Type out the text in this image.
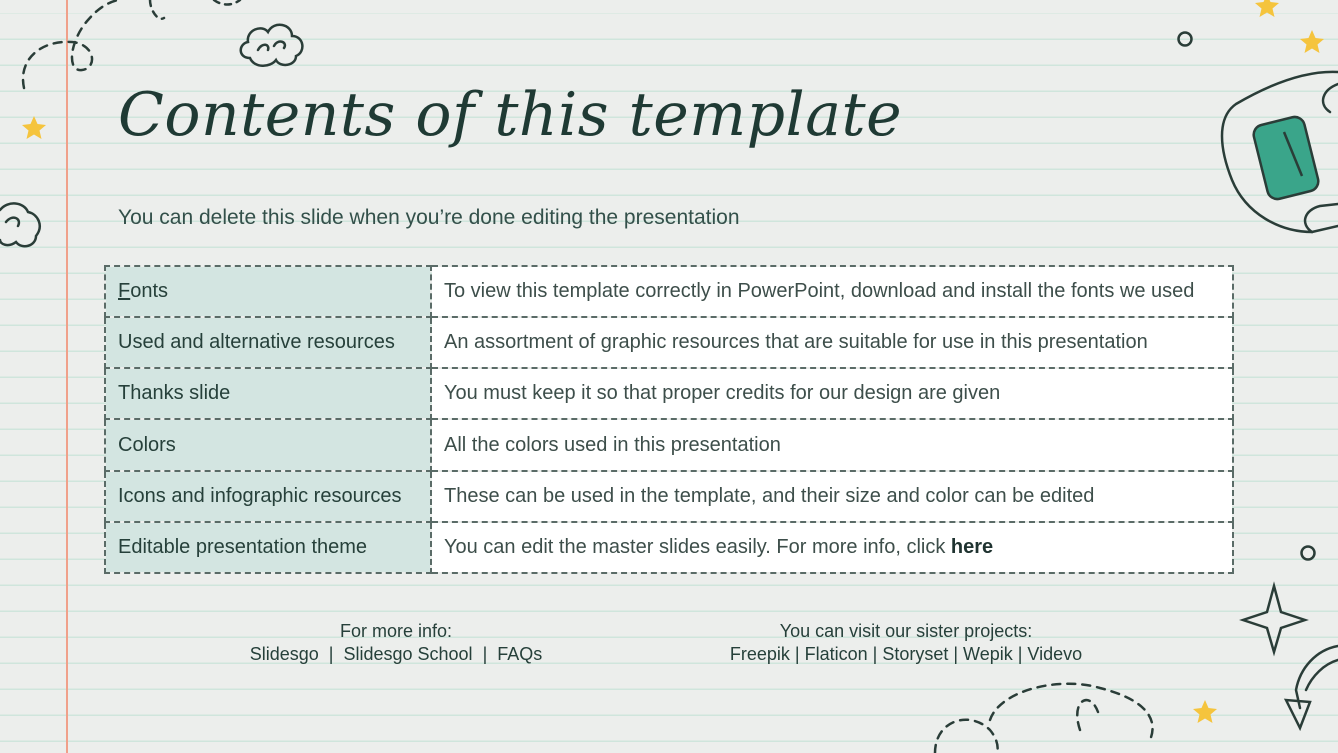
Contents of this template

You can delete this slide when you’re done editing the presentation

Fonts	To view this template correctly in PowerPoint, download and install the fonts we used
Used and alternative resources	An assortment of graphic resources that are suitable for use in this presentation
Thanks slide	You must keep it so that proper credits for our design are given
Colors	All the colors used in this presentation
Icons and infographic resources	These can be used in the template, and their size and color can be edited
Editable presentation theme	You can edit the master slides easily. For more info, click here
For more info:
Slidesgo  |  Slidesgo School  |  FAQs
You can visit our sister projects:
Freepik | Flaticon | Storyset | Wepik | Videvo
